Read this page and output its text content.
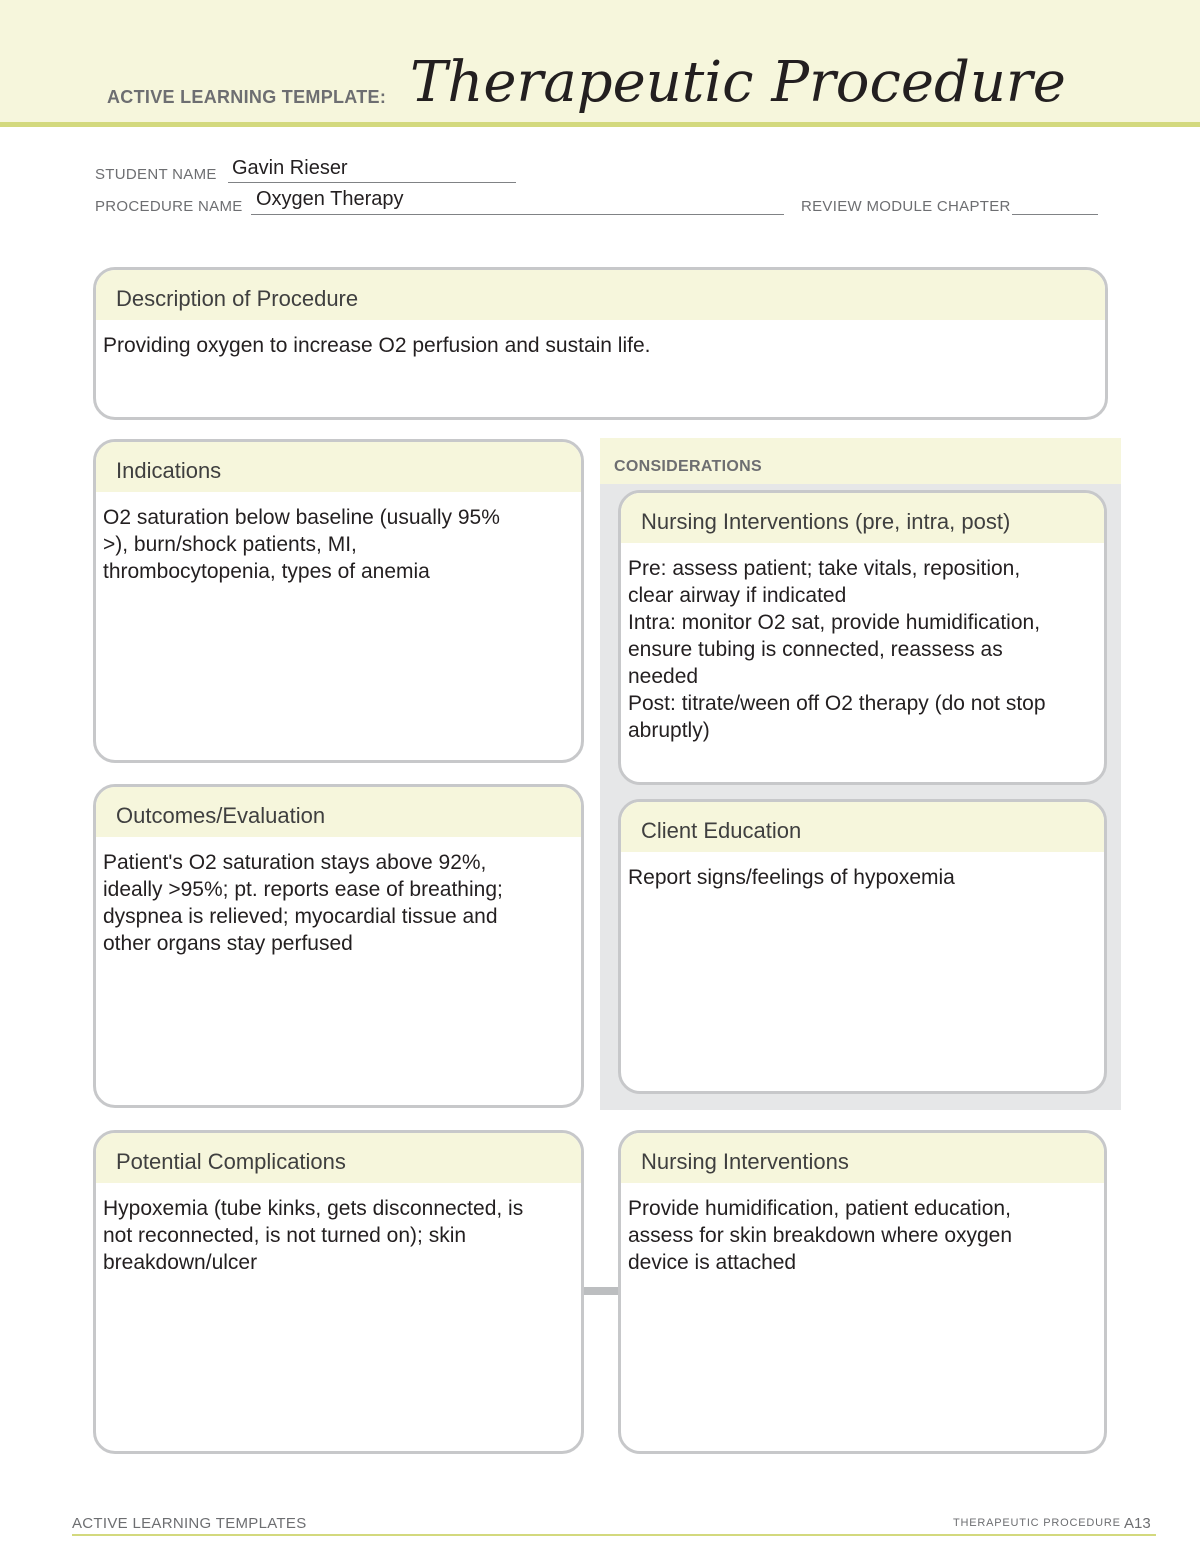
ACTIVE LEARNING TEMPLATE: Therapeutic Procedure
STUDENT NAME Gavin Rieser
PROCEDURE NAME Oxygen Therapy	REVIEW MODULE CHAPTER
Description of Procedure

Providing oxygen to increase O2 perfusion and sustain life.

CONSIDERATIONS
Indications

O2 saturation below baseline (usually 95%

>), burn/shock patients, MI,

thrombocytopenia, types of anemia

Nursing Interventions (pre, intra, post)

Pre: assess patient; take vitals, reposition,

clear airway if indicated

Intra: monitor O2 sat, provide humidification,

ensure tubing is connected, reassess as

needed

Post: titrate/ween off O2 therapy (do not stop

abruptly)

Outcomes/Evaluation

Patient's O2 saturation stays above 92%,

ideally >95%; pt. reports ease of breathing;

dyspnea is relieved; myocardial tissue and

other organs stay perfused

Client Education

Report signs/feelings of hypoxemia

Potential Complications

Hypoxemia (tube kinks, gets disconnected, is

not reconnected, is not turned on); skin

breakdown/ulcer

Nursing Interventions

Provide humidification, patient education,

assess for skin breakdown where oxygen

device is attached

ACTIVE LEARNING TEMPLATES	THERAPEUTIC PROCEDURE A13
